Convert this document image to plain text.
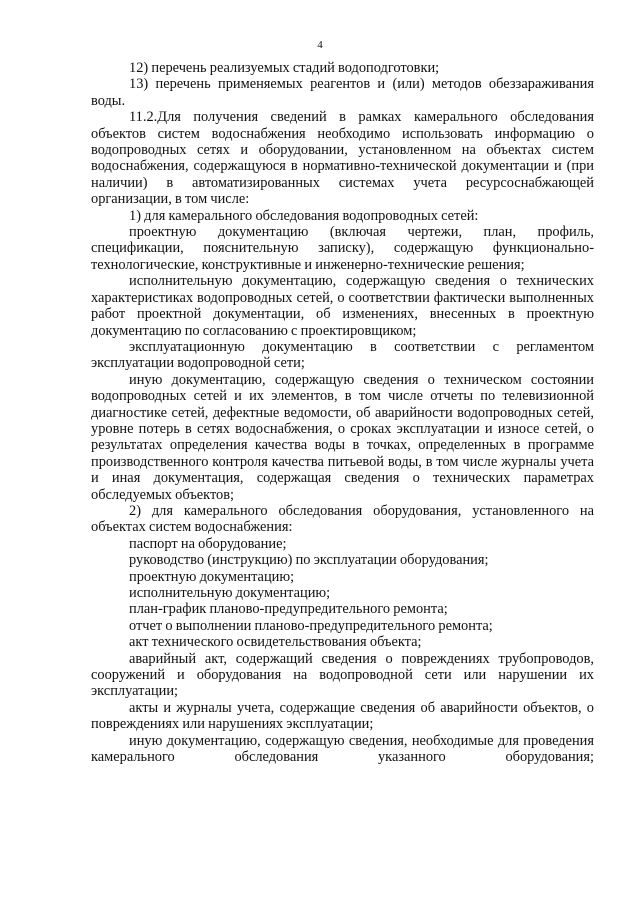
4

12) перечень реализуемых стадий водоподготовки;

13) перечень применяемых реагентов и (или) методов обеззараживания воды.

11.2.Для получения сведений в рамках камерального обследования объектов систем водоснабжения необходимо использовать информацию о водопроводных сетях и оборудовании, установленном на объектах систем водоснабжения, содержащуюся в нормативно-технической документации и (при наличии) в автоматизированных системах учета ресурсоснабжающей организации, в том числе:

1) для камерального обследования водопроводных сетей:

проектную документацию (включая чертежи, план, профиль, спецификации, пояснительную записку), содержащую функционально-технологические, конструктивные и инженерно-технические решения;

исполнительную документацию, содержащую сведения о технических характеристиках водопроводных сетей, о соответствии фактически выполненных работ проектной документации, об изменениях, внесенных в проектную документацию по согласованию с проектировщиком;

эксплуатационную документацию в соответствии с регламентом эксплуатации водопроводной сети;

иную документацию, содержащую сведения о техническом состоянии водопроводных сетей и их элементов, в том числе отчеты по телевизионной диагностике сетей, дефектные ведомости, об аварийности водопроводных сетей, уровне потерь в сетях водоснабжения, о сроках эксплуатации и износе сетей, о результатах определения качества воды в точках, определенных в программе производственного контроля качества питьевой воды, в том числе журналы учета и иная документация, содержащая сведения о технических параметрах обследуемых объектов;

2) для камерального обследования оборудования, установленного на объектах систем водоснабжения:

паспорт на оборудование;

руководство (инструкцию) по эксплуатации оборудования;

проектную документацию;

исполнительную документацию;

план-график планово-предупредительного ремонта;

отчет о выполнении планово-предупредительного ремонта;

акт технического освидетельствования объекта;

аварийный акт, содержащий сведения о повреждениях трубопроводов, сооружений и оборудования на водопроводной сети или нарушении их эксплуатации;

акты и журналы учета, содержащие сведения об аварийности объектов, о повреждениях или нарушениях эксплуатации;

иную документацию, содержащую сведения, необходимые для проведения камерального обследования указанного оборудования;
